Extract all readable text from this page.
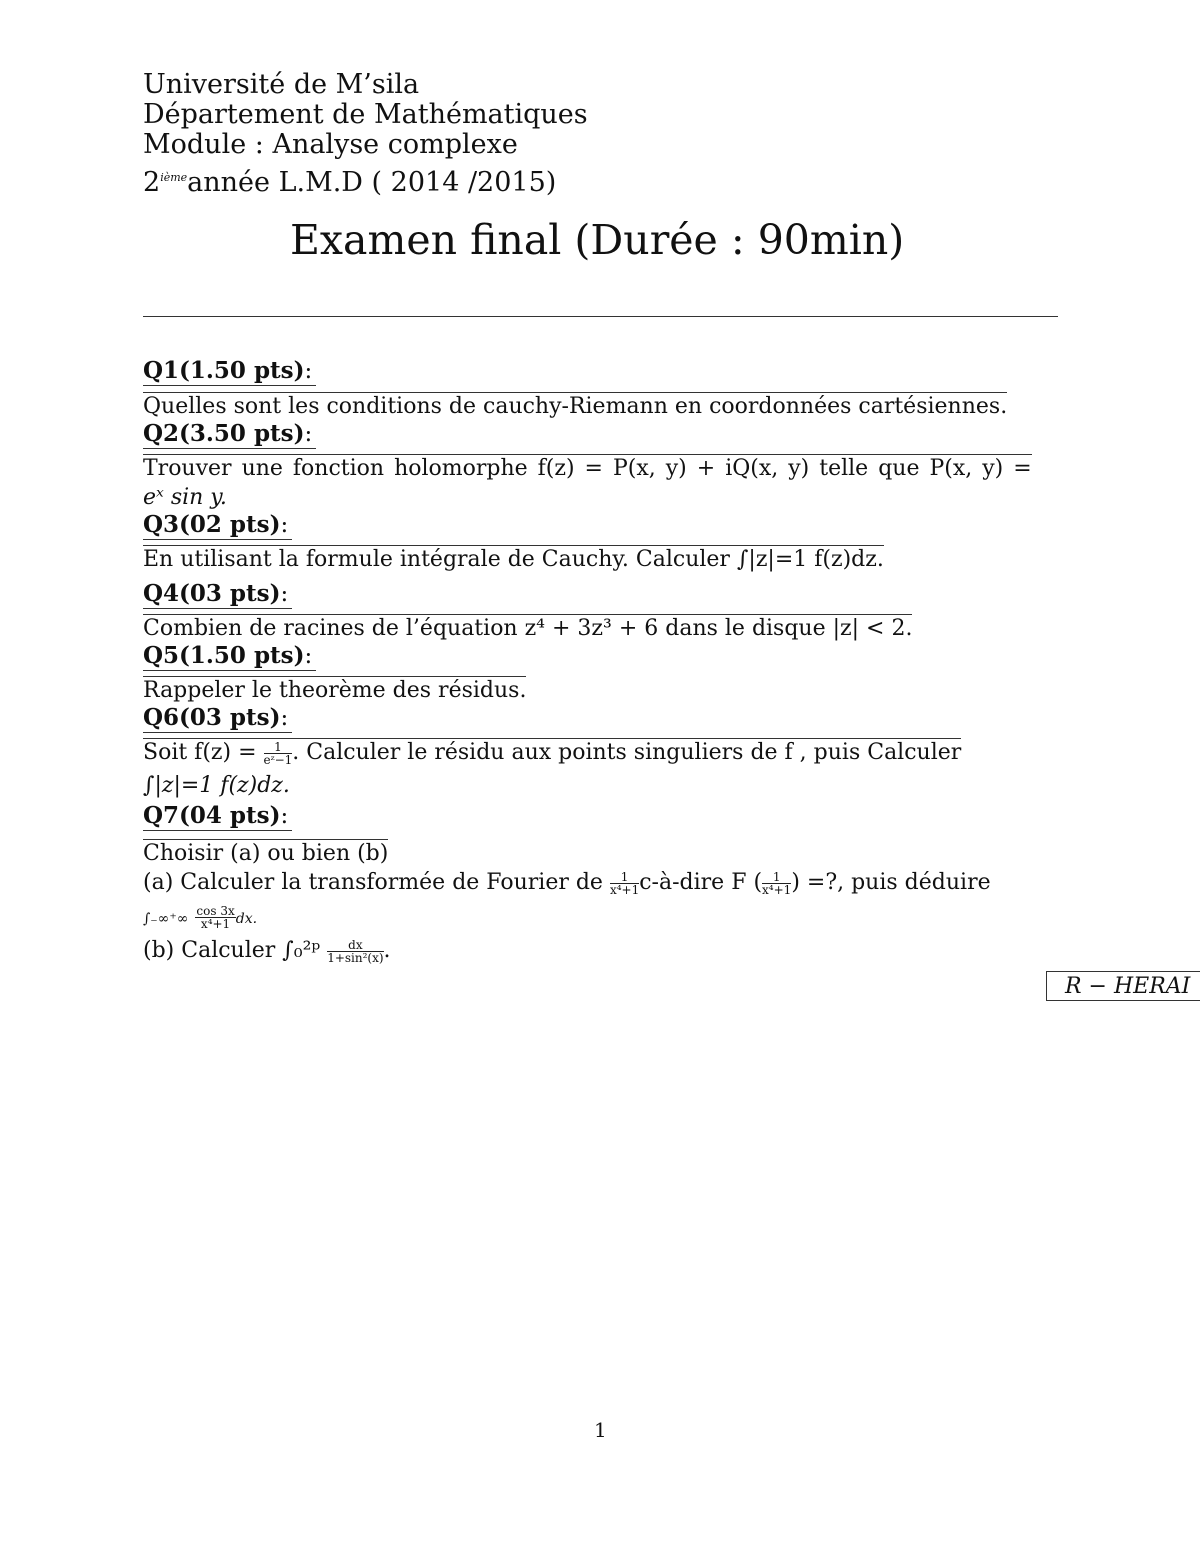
Université de M’sila
Département de Mathématiques
Module : Analyse complexe
2ièmeannée L.M.D ( 2014 /2015)
Examen final (Durée : 90min)
Q1(1.50 pts):
Quelles sont les conditions de cauchy-Riemann en coordonnées cartésiennes.
Q2(3.50 pts):
Trouver une fonction holomorphe f(z) = P(x, y) + iQ(x, y) telle que P(x, y) =
eˣ sin y.
Q3(02 pts):
En utilisant la formule intégrale de Cauchy. Calculer ∫|z|=1 f(z)dz.
Q4(03 pts):
Combien de racines de l’équation z⁴ + 3z³ + 6 dans le disque |z| < 2.
Q5(1.50 pts):
Rappeler le theorème des résidus.
Q6(03 pts):
Soit $f(z) = \frac{1}{\text{eᶻ−1}}$ . Calculer le résidu aux points singuliers de f , puis Calculer
∫|z|=1 f(z)dz.
Q7(04 pts):
Choisir (a) ou bien (b)
(a) Calculer la transformée de Fourier de $\frac{1}{\text{x⁴+1}}$ c-à-dire F ( $\frac{1}{\text{x⁴+1}}$ ) =?, puis déduire
∫₋∞⁺∞ $\frac{\cos 3x}{\text{x⁴+1}}$ dx.
(b) Calculer ∫₀²ᵖ $\frac{dx}{\text{1+sin²(x)}}$ .
R − HERAI
1
